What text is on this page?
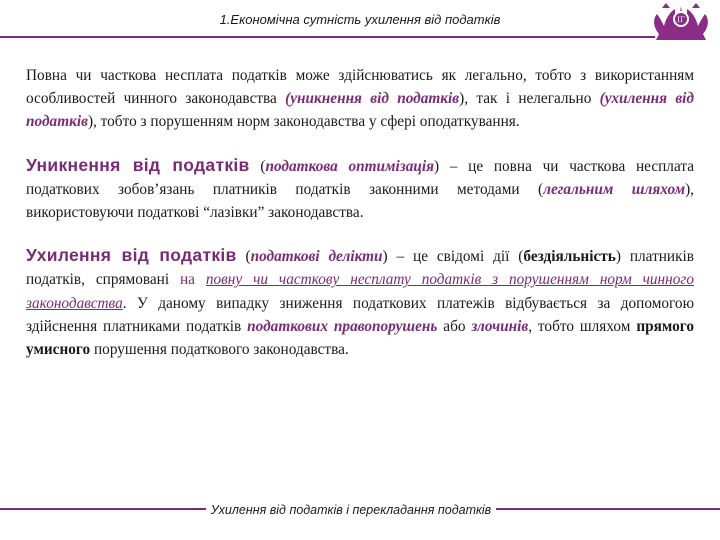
1.Економічна сутність ухилення від податків	ІГ

Повна чи часткова несплата податків може здійснюватись як легально, тобто з використанням особливостей чинного законодавства (уникнення від податків), так і нелегально (ухилення від податків), тобто з порушенням норм законодавства у сфері оподаткування.

Уникнення від податків (податкова оптимізація) – це повна чи часткова несплата податкових зобов’язань платників податків законними методами (легальним шляхом), використовуючи податкові “лазівки” законодавства.

Ухилення від податків (податкові делікти) – це свідомі дії (бездіяльність) платників податків, спрямовані на повну чи часткову несплату податків з порушенням норм чинного законодавства. У даному випадку зниження податкових платежів відбувається за допомогою здійснення платниками податків податкових правопорушень або злочинів, тобто шляхом прямого умисного порушення податкового законодавства.

Ухилення від податків і перекладання податків
